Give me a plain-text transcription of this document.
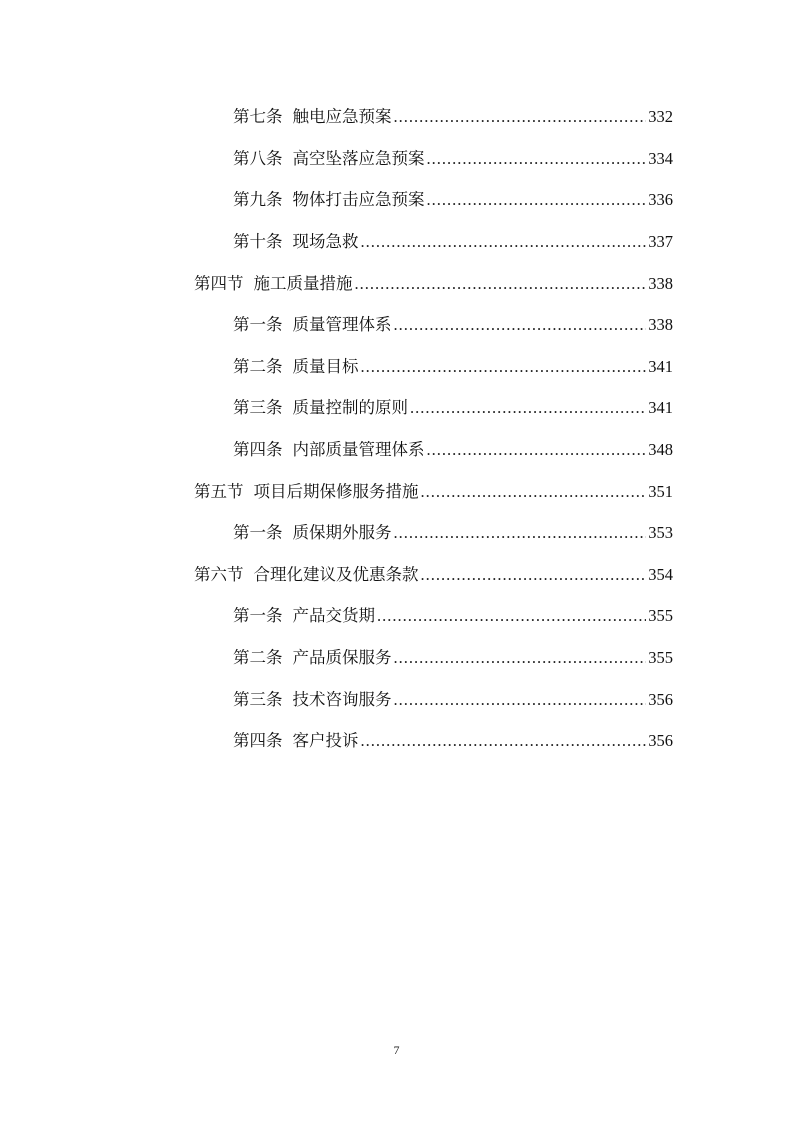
第七条 触电应急预案 .....	332
第八条 高空坠落应急预案 .....	334
第九条 物体打击应急预案 .....	336
第十条 现场急救 .....	337
第四节 施工质量措施 .....	338
第一条 质量管理体系 .....	338
第二条 质量目标 .....	341
第三条 质量控制的原则 .....	341
第四条 内部质量管理体系 .....	348
第五节 项目后期保修服务措施 .....	351
第一条 质保期外服务 .....	353
第六节 合理化建议及优惠条款 .....	354
第一条 产品交货期 .....	355
第二条 产品质保服务 .....	355
第三条 技术咨询服务 .....	356
第四条 客户投诉 .....	356
7
